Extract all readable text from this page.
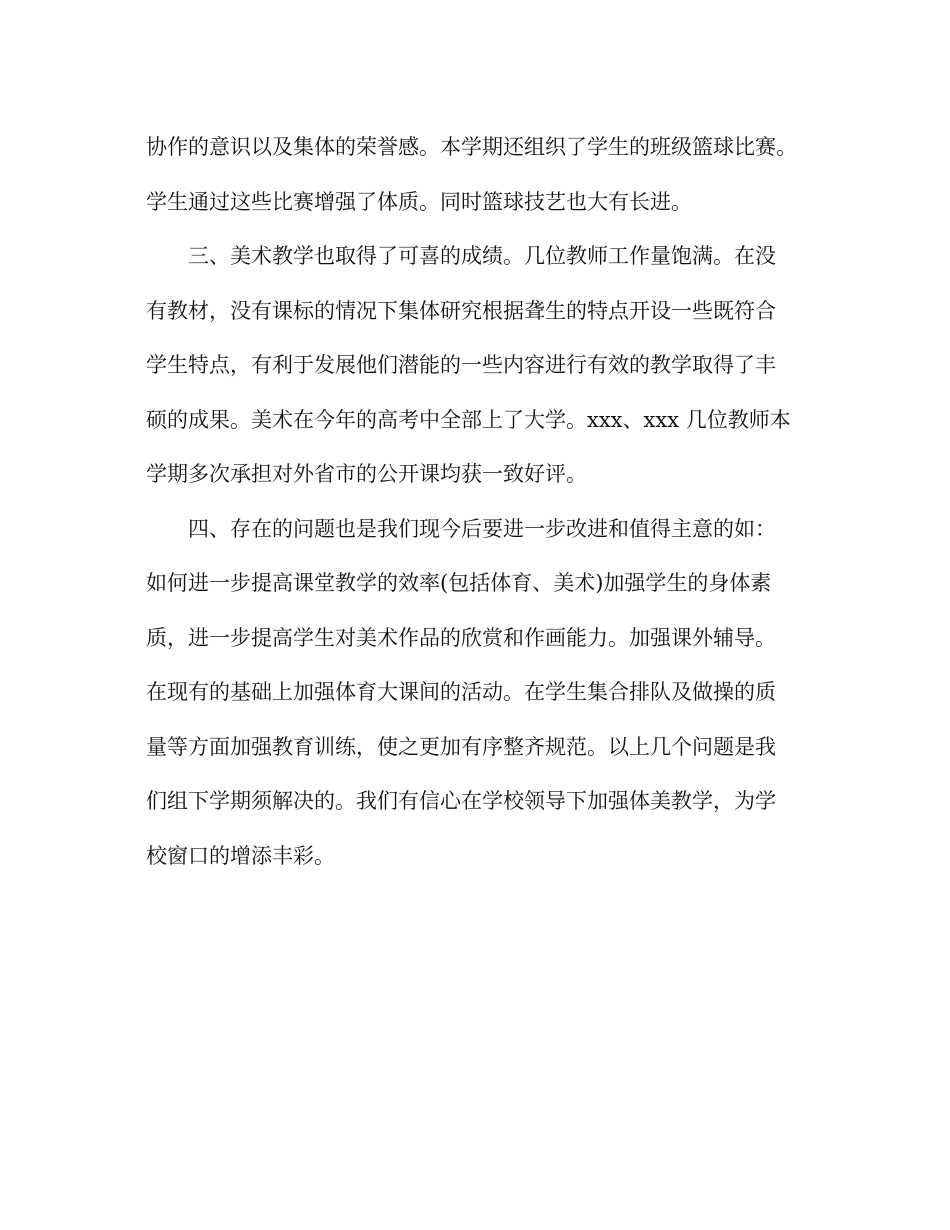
协作的意识以及集体的荣誉感。本学期还组织了学生的班级篮球比赛。
学生通过这些比赛增强了体质。同时篮球技艺也大有长进。
三、美术教学也取得了可喜的成绩。几位教师工作量饱满。在没
有教材，没有课标的情况下集体研究根据聋生的特点开设一些既符合
学生特点，有利于发展他们潜能的一些内容进行有效的教学取得了丰
硕的成果。美术在今年的高考中全部上了大学。xxx、xxx 几位教师本
学期多次承担对外省市的公开课均获一致好评。
四、存在的问题也是我们现今后要进一步改进和值得主意的如：
如何进一步提高课堂教学的效率(包括体育、美术)加强学生的身体素
质，进一步提高学生对美术作品的欣赏和作画能力。加强课外辅导。
在现有的基础上加强体育大课间的活动。在学生集合排队及做操的质
量等方面加强教育训练，使之更加有序整齐规范。以上几个问题是我
们组下学期须解决的。我们有信心在学校领导下加强体美教学，为学
校窗口的增添丰彩。
